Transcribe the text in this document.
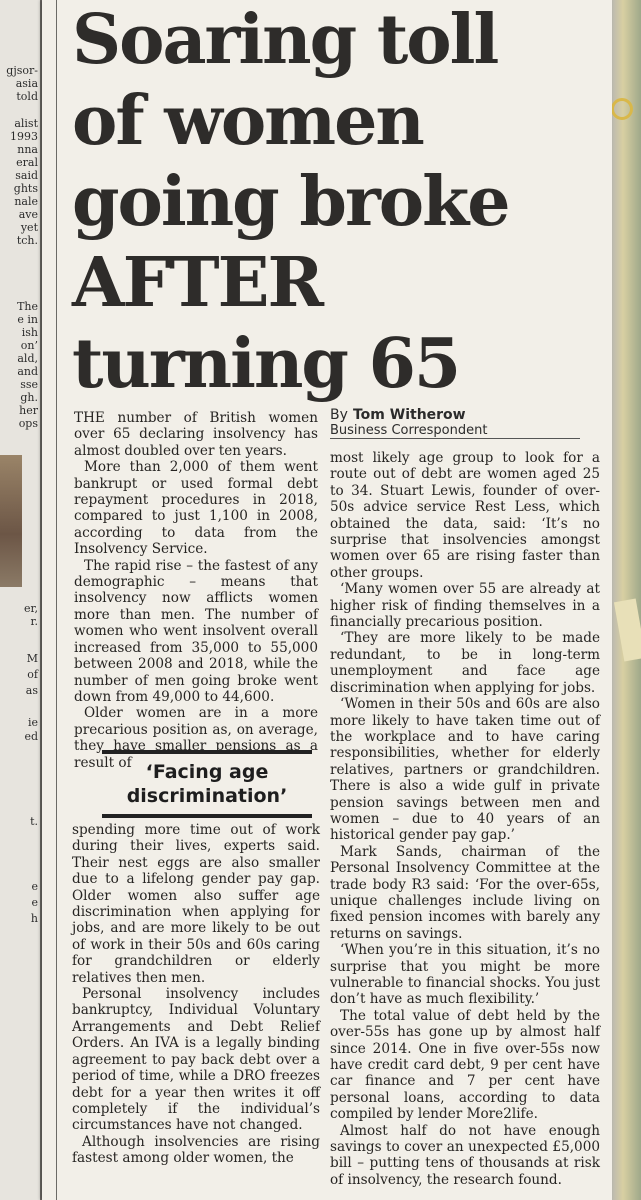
gjsor-
asia
told
alist
1993
nna
eral
said
ghts
nale
ave
yet
tch.
The
e in
ish
on’
ald,
and
sse
gh.
her
ops
er,
r.
M
of
as
ie
ed
t.
e
e
h
Soaring toll
of women
going broke
AFTER
turning 65
By Tom Witherow
Business Correspondent

THE number of British women over 65 declaring insolvency has almost doubled over ten years.

More than 2,000 of them went bankrupt or used formal debt repayment procedures in 2018, compared to just 1,100 in 2008, according to data from the Insolvency Service.

The rapid rise – the fastest of any demographic – means that insolvency now afflicts women more than men. The number of women who went insolvent overall increased from 35,000 to 55,000 between 2008 and 2018, while the number of men going broke went down from 49,000 to 44,600.

Older women are in a more precarious position as, on average, they have smaller pensions as a result of ‘Facing age discrimination’

spending more time out of work during their lives, experts said. Their nest eggs are also smaller due to a lifelong gender pay gap. Older women also suffer age discrimination when applying for jobs, and are more likely to be out of work in their 50s and 60s caring for grandchildren or elderly relatives then men.

Personal insolvency includes bankruptcy, Individual Voluntary Arrangements and Debt Relief Orders. An IVA is a legally binding agreement to pay back debt over a period of time, while a DRO freezes debt for a year then writes it off completely if the individual’s circumstances have not changed.

Although insolvencies are rising fastest among older women, the

most likely age group to look for a route out of debt are women aged 25 to 34. Stuart Lewis, founder of over-50s advice service Rest Less, which obtained the data, said: ‘It’s no surprise that insolvencies amongst women over 65 are rising faster than other groups.

‘Many women over 55 are already at higher risk of finding themselves in a financially precarious position.

‘They are more likely to be made redundant, to be in long-term unemployment and face age discrimination when applying for jobs.

‘Women in their 50s and 60s are also more likely to have taken time out of the workplace and to have caring responsibilities, whether for elderly relatives, partners or grandchildren. There is also a wide gulf in private pension savings between men and women – due to 40 years of an historical gender pay gap.’

Mark Sands, chairman of the Personal Insolvency Committee at the trade body R3 said: ‘For the over-65s, unique challenges include living on fixed pension incomes with barely any returns on savings.

‘When you’re in this situation, it’s no surprise that you might be more vulnerable to financial shocks. You just don’t have as much flexibility.’

The total value of debt held by the over-55s has gone up by almost half since 2014. One in five over-55s now have credit card debt, 9 per cent have car finance and 7 per cent have personal loans, according to data compiled by lender More2life.

Almost half do not have enough savings to cover an unexpected £5,000 bill – putting tens of thousands at risk of insolvency, the research found.
